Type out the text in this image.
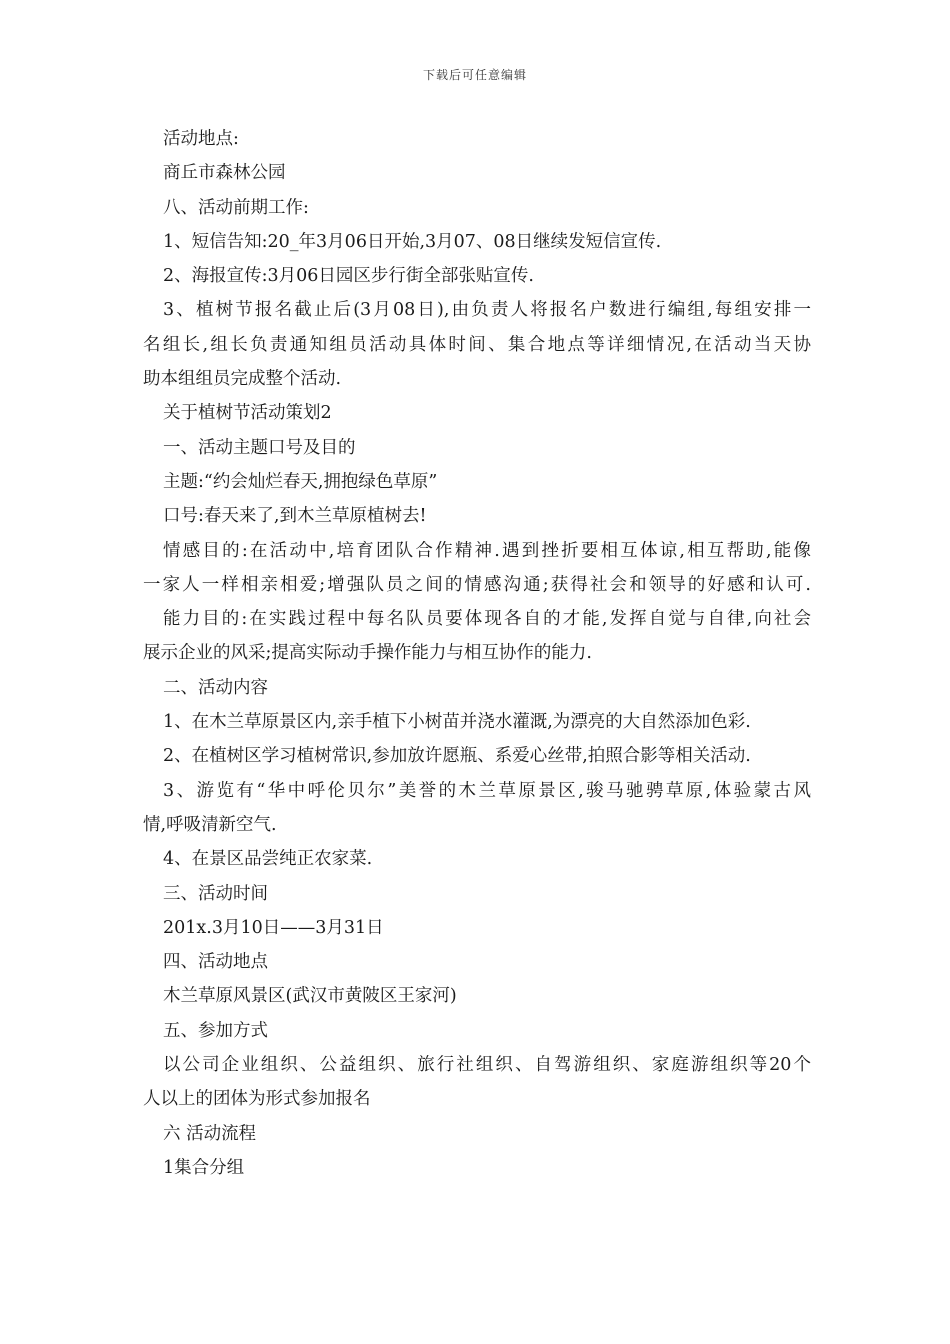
下载后可任意编辑
活动地点:
商丘市森林公园
八、活动前期工作:
1、短信告知:20_年3月06日开始,3月07、08日继续发短信宣传.
2、海报宣传:3月06日园区步行街全部张贴宣传.
3、植树节报名截止后(3月08日),由负责人将报名户数进行编组,每组安排一
名组长,组长负责通知组员活动具体时间、集合地点等详细情况,在活动当天协
助本组组员完成整个活动.
关于植树节活动策划2
一、活动主题口号及目的
主题:“约会灿烂春天,拥抱绿色草原”
口号:春天来了,到木兰草原植树去!
情感目的:在活动中,培育团队合作精神.遇到挫折要相互体谅,相互帮助,能像
一家人一样相亲相爱;增强队员之间的情感沟通;获得社会和领导的好感和认可.
能力目的:在实践过程中每名队员要体现各自的才能,发挥自觉与自律,向社会
展示企业的风采;提高实际动手操作能力与相互协作的能力.
二、活动内容
1、在木兰草原景区内,亲手植下小树苗并浇水灌溉,为漂亮的大自然添加色彩.
2、在植树区学习植树常识,参加放许愿瓶、系爱心丝带,拍照合影等相关活动.
3、游览有“华中呼伦贝尔”美誉的木兰草原景区,骏马驰骋草原,体验蒙古风
情,呼吸清新空气.
4、在景区品尝纯正农家菜.
三、活动时间
201x.3月10日——3月31日
四、活动地点
木兰草原风景区(武汉市黄陂区王家河)
五、参加方式
以公司企业组织、公益组织、旅行社组织、自驾游组织、家庭游组织等20个
人以上的团体为形式参加报名
六 活动流程
1集合分组
